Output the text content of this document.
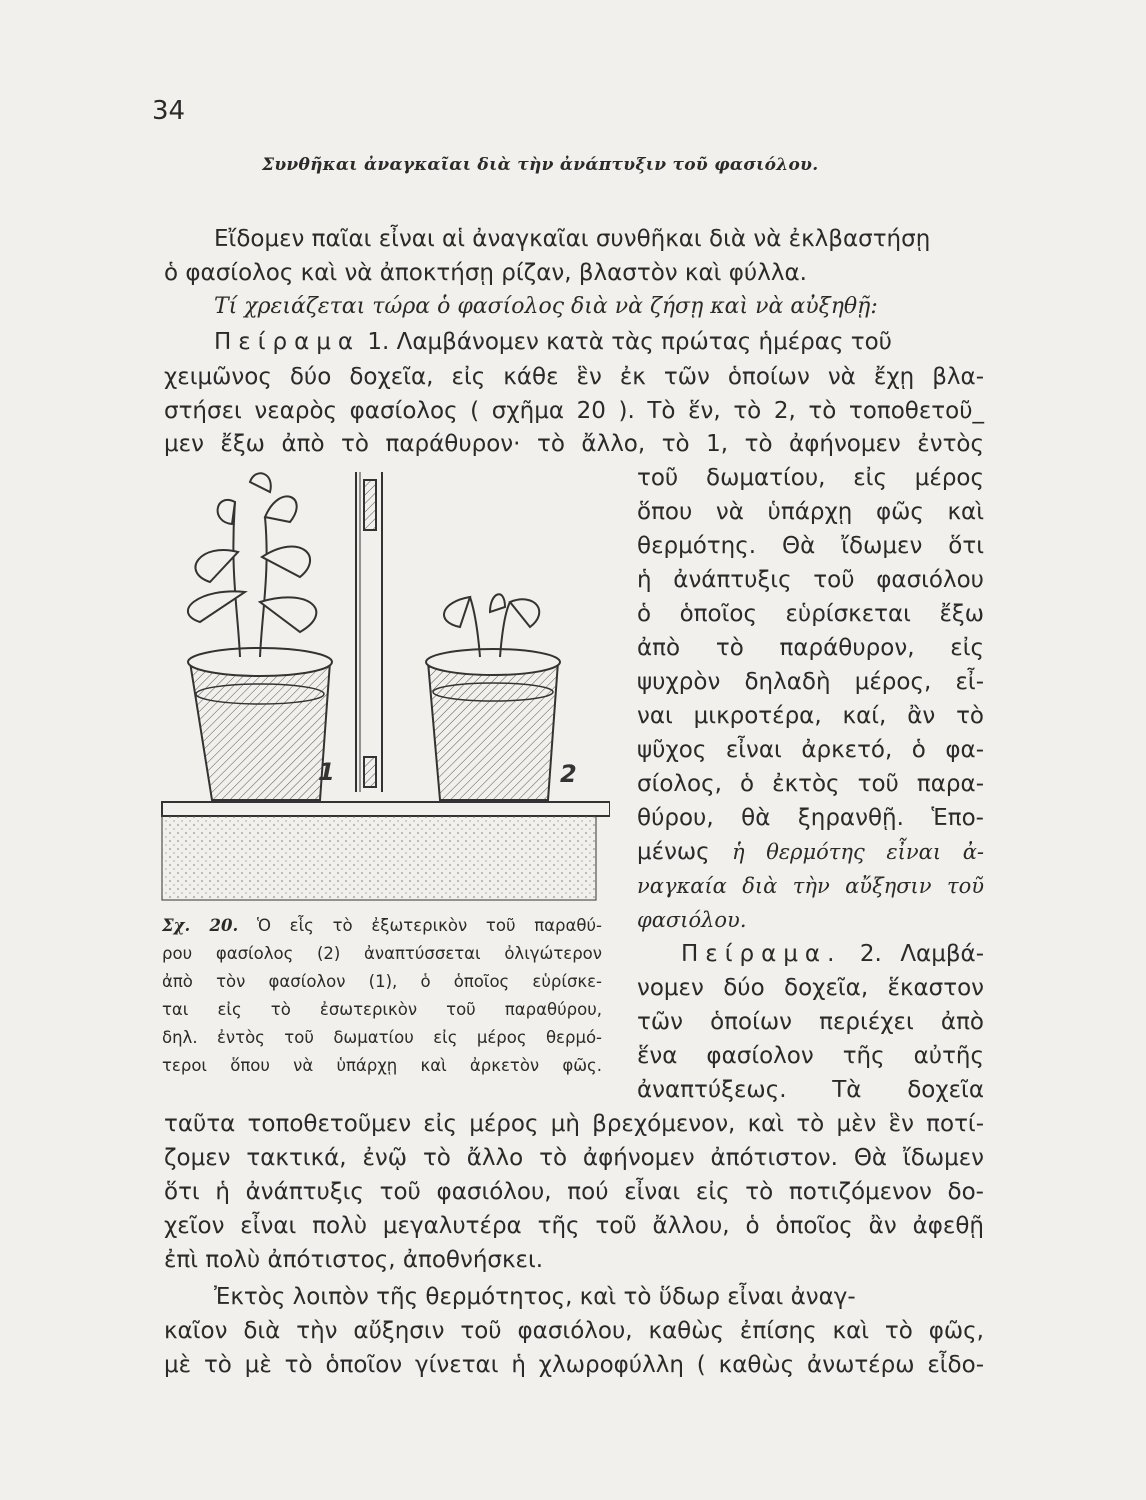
34
Συνθῆκαι ἀναγκαῖαι διὰ τὴν ἀνάπτυξιν τοῦ φασιόλου.
Εἴδομεν παῖαι εἶναι αἱ ἀναγκαῖαι συνθῆκαι διὰ νὰ ἐκλβαστήσῃ
ὁ φασίολος καὶ νὰ ἀποκτήσῃ ρίζαν, βλαστὸν καὶ φύλλα.
Τί χρειάζεται τώρα ὁ φασίολος διὰ νὰ ζήσῃ καὶ νὰ αὐξηθῇ:
Πείραμα 1. Λαμβάνομεν κατὰ τὰς πρώτας ἡμέρας τοῦ
χειμῶνος δύο δοχεῖα, εἰς κάθε ἓν ἐκ τῶν ὁποίων νὰ ἔχῃ βλα-
στήσει νεαρὸς φασίολος ( σχῆμα 20 ). Τὸ ἕν, τὸ 2, τὸ τοποθετοῦ_
μεν ἔξω ἀπὸ τὸ παράθυρον· τὸ ἄλλο, τὸ 1, τὸ ἀφήνομεν ἐντὸς
τοῦ δωματίου, εἰς μέρος
ὅπου νὰ ὑπάρχῃ φῶς καὶ
θερμότης. Θὰ ἴδωμεν ὅτι
ἡ ἀνάπτυξις τοῦ φασιόλου
ὁ ὁποῖος εὑρίσκεται ἔξω
ἀπὸ τὸ παράθυρον, εἰς
ψυχρὸν δηλαδὴ μέρος, εἶ-
ναι μικροτέρα, καί, ἂν τὸ
ψῦχος εἶναι ἀρκετό, ὁ φα-
σίολος, ὁ ἐκτὸς τοῦ παρα-
θύρου, θὰ ξηρανθῇ. Ἑπο-
μένως ἡ θερμότης εἶναι ἀ-
ναγκαία διὰ τὴν αὔξησιν τοῦ
φασιόλου.
Πείραμα. 2. Λαμβά-
νομεν δύο δοχεῖα, ἕκαστον
τῶν ὁποίων περιέχει ἀπὸ
ἕνα φασίολον τῆς αὐτῆς
ἀναπτύξεως. Τὰ δοχεῖα
1	2
Σχ. 20. Ὁ εἷς τὸ ἐξωτερικὸν τοῦ παραθύ-
ρου φασίολος (2) ἀναπτύσσεται ὀλιγώτερον
ἀπὸ τὸν φασίολον (1), ὁ ὁποῖος εὑρίσκε-
ται εἰς τὸ ἐσωτερικὸν τοῦ παραθύρου,
δηλ. ἐντὸς τοῦ δωματίου εἰς μέρος θερμό-
τεροι ὅπου νὰ ὑπάρχῃ καὶ ἀρκετὸν φῶς.
ταῦτα τοποθετοῦμεν εἰς μέρος μὴ βρεχόμενον, καὶ τὸ μὲν ἓν ποτί-
ζομεν τακτικά, ἐνῷ τὸ ἄλλο τὸ ἀφήνομεν ἀπότιστον. Θὰ ἴδωμεν
ὅτι ἡ ἀνάπτυξις τοῦ φασιόλου, πού εἶναι εἰς τὸ ποτιζόμενον δο-
χεῖον εἶναι πολὺ μεγαλυτέρα τῆς τοῦ ἄλλου, ὁ ὁποῖος ἂν ἀφεθῇ
ἐπὶ πολὺ ἀπότιστος, ἀποθνήσκει.
Ἐκτὸς λοιπὸν τῆς θερμότητος, καὶ τὸ ὕδωρ εἶναι ἀναγ-
καῖον διὰ τὴν αὔξησιν τοῦ φασιόλου, καθὼς ἐπίσης καὶ τὸ φῶς,
μὲ τὸ μὲ τὸ ὁποῖον γίνεται ἡ χλωροφύλλη ( καθὼς ἀνωτέρω εἶδο-
